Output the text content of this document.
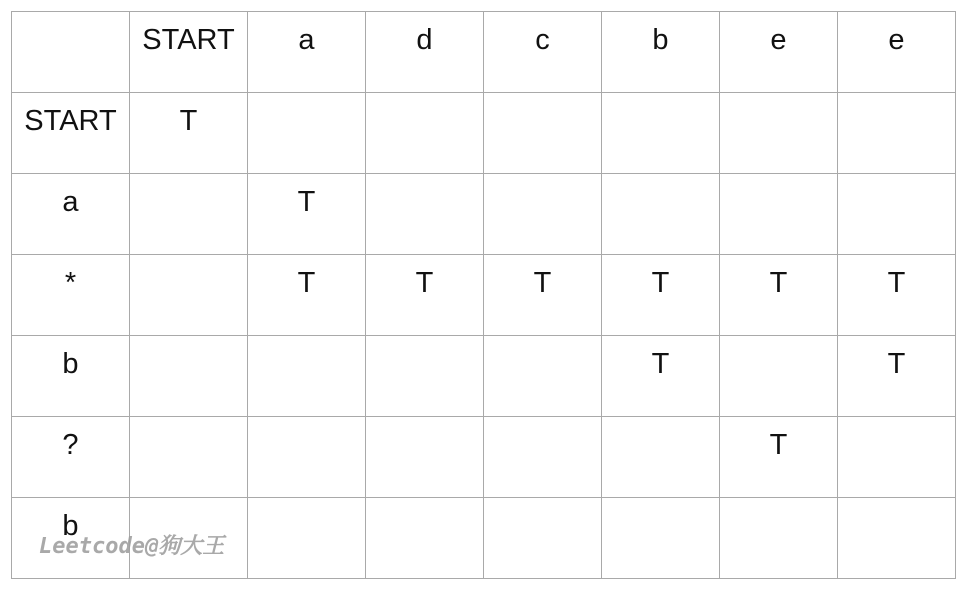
	START	a	d	c	b	e	e

START	T						

a		T					

*		T	T	T	T	T	T

b					T		T

?						T	

b							

Leetcode@狗大王
